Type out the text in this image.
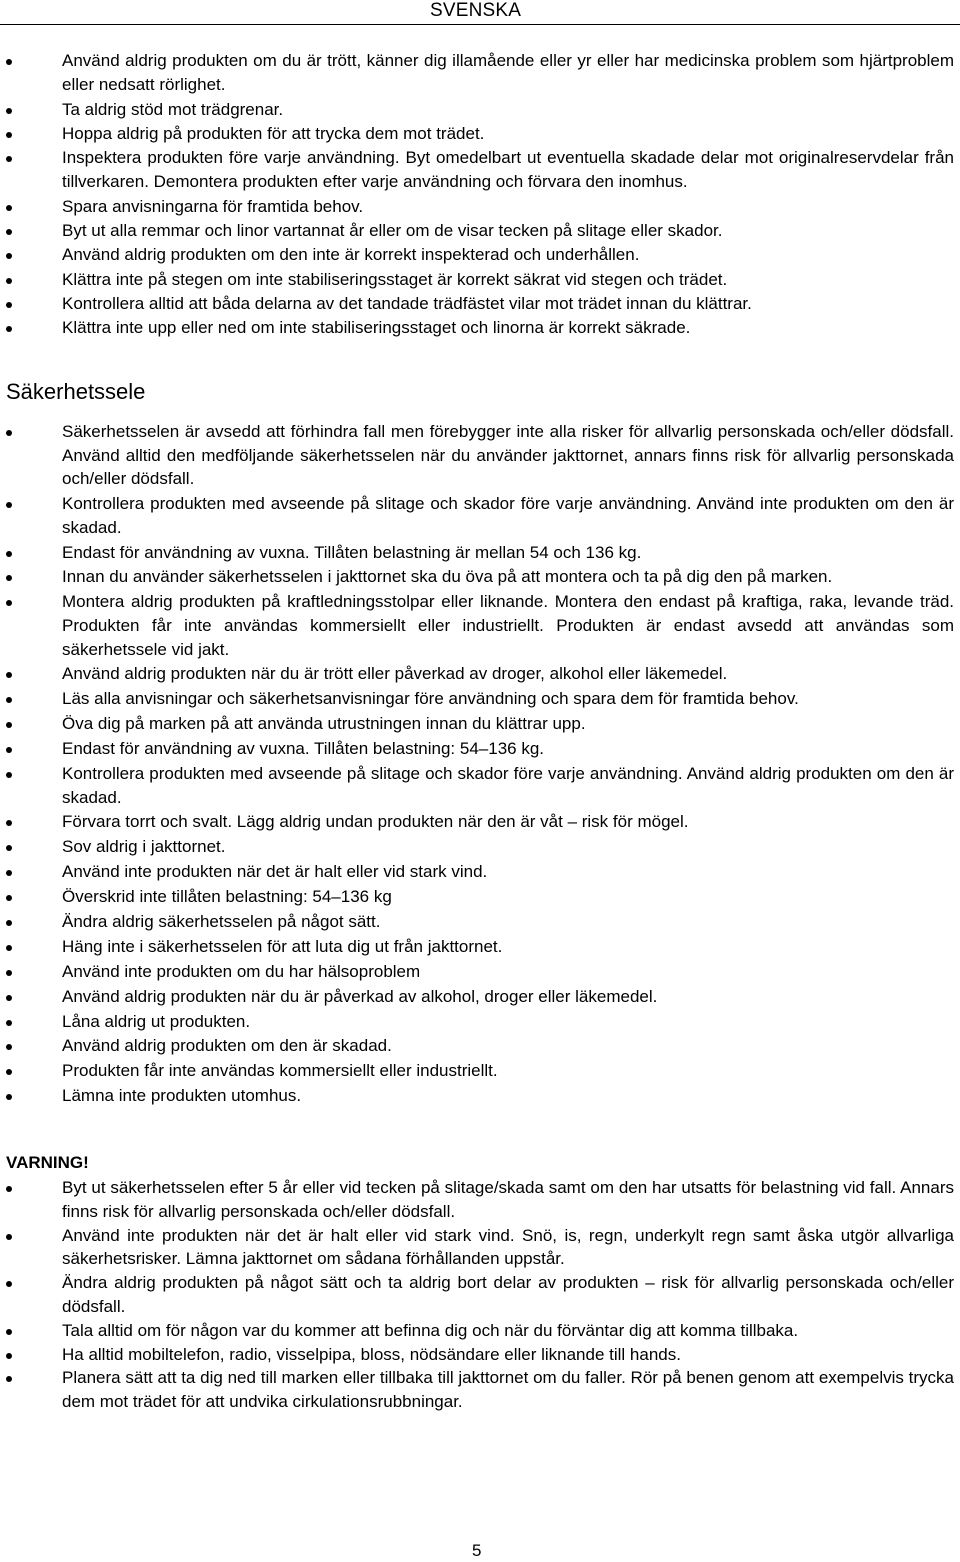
SVENSKA
Använd aldrig produkten om du är trött, känner dig illamående eller yr eller har medicinska problem som hjärtproblem eller nedsatt rörlighet.
Ta aldrig stöd mot trädgrenar.
Hoppa aldrig på produkten för att trycka dem mot trädet.
Inspektera produkten före varje användning. Byt omedelbart ut eventuella skadade delar mot originalreservdelar från tillverkaren. Demontera produkten efter varje användning och förvara den inomhus.
Spara anvisningarna för framtida behov.
Byt ut alla remmar och linor vartannat år eller om de visar tecken på slitage eller skador.
Använd aldrig produkten om den inte är korrekt inspekterad och underhållen.
Klättra inte på stegen om inte stabiliseringsstaget är korrekt säkrat vid stegen och trädet.
Kontrollera alltid att båda delarna av det tandade trädfästet vilar mot trädet innan du klättrar.
Klättra inte upp eller ned om inte stabiliseringsstaget och linorna är korrekt säkrade.
Säkerhetssele
Säkerhetsselen är avsedd att förhindra fall men förebygger inte alla risker för allvarlig personskada och/eller dödsfall. Använd alltid den medföljande säkerhetsselen när du använder jakttornet, annars finns risk för allvarlig personskada och/eller dödsfall.
Kontrollera produkten med avseende på slitage och skador före varje användning. Använd inte produkten om den är skadad.
Endast för användning av vuxna. Tillåten belastning är mellan 54 och 136 kg.
Innan du använder säkerhetsselen i jakttornet ska du öva på att montera och ta på dig den på marken.
Montera aldrig produkten på kraftledningsstolpar eller liknande. Montera den endast på kraftiga, raka, levande träd. Produkten får inte användas kommersiellt eller industriellt. Produkten är endast avsedd att användas som säkerhetssele vid jakt.
Använd aldrig produkten när du är trött eller påverkad av droger, alkohol eller läkemedel.
Läs alla anvisningar och säkerhetsanvisningar före användning och spara dem för framtida behov.
Öva dig på marken på att använda utrustningen innan du klättrar upp.
Endast för användning av vuxna. Tillåten belastning: 54–136 kg.
Kontrollera produkten med avseende på slitage och skador före varje användning. Använd aldrig produkten om den är skadad.
Förvara torrt och svalt. Lägg aldrig undan produkten när den är våt – risk för mögel.
Sov aldrig i jakttornet.
Använd inte produkten när det är halt eller vid stark vind.
Överskrid inte tillåten belastning: 54–136 kg
Ändra aldrig säkerhetsselen på något sätt.
Häng inte i säkerhetsselen för att luta dig ut från jakttornet.
Använd inte produkten om du har hälsoproblem
Använd aldrig produkten när du är påverkad av alkohol, droger eller läkemedel.
Låna aldrig ut produkten.
Använd aldrig produkten om den är skadad.
Produkten får inte användas kommersiellt eller industriellt.
Lämna inte produkten utomhus.
VARNING!
Byt ut säkerhetsselen efter 5 år eller vid tecken på slitage/skada samt om den har utsatts för belastning vid fall. Annars finns risk för allvarlig personskada och/eller dödsfall.
Använd inte produkten när det är halt eller vid stark vind. Snö, is, regn, underkylt regn samt åska utgör allvarliga säkerhetsrisker. Lämna jakttornet om sådana förhållanden uppstår.
Ändra aldrig produkten på något sätt och ta aldrig bort delar av produkten – risk för allvarlig personskada och/eller dödsfall.
Tala alltid om för någon var du kommer att befinna dig och när du förväntar dig att komma tillbaka.
Ha alltid mobiltelefon, radio, visselpipa, bloss, nödsändare eller liknande till hands.
Planera sätt att ta dig ned till marken eller tillbaka till jakttornet om du faller. Rör på benen genom att exempelvis trycka dem mot trädet för att undvika cirkulationsrubbningar.
5
